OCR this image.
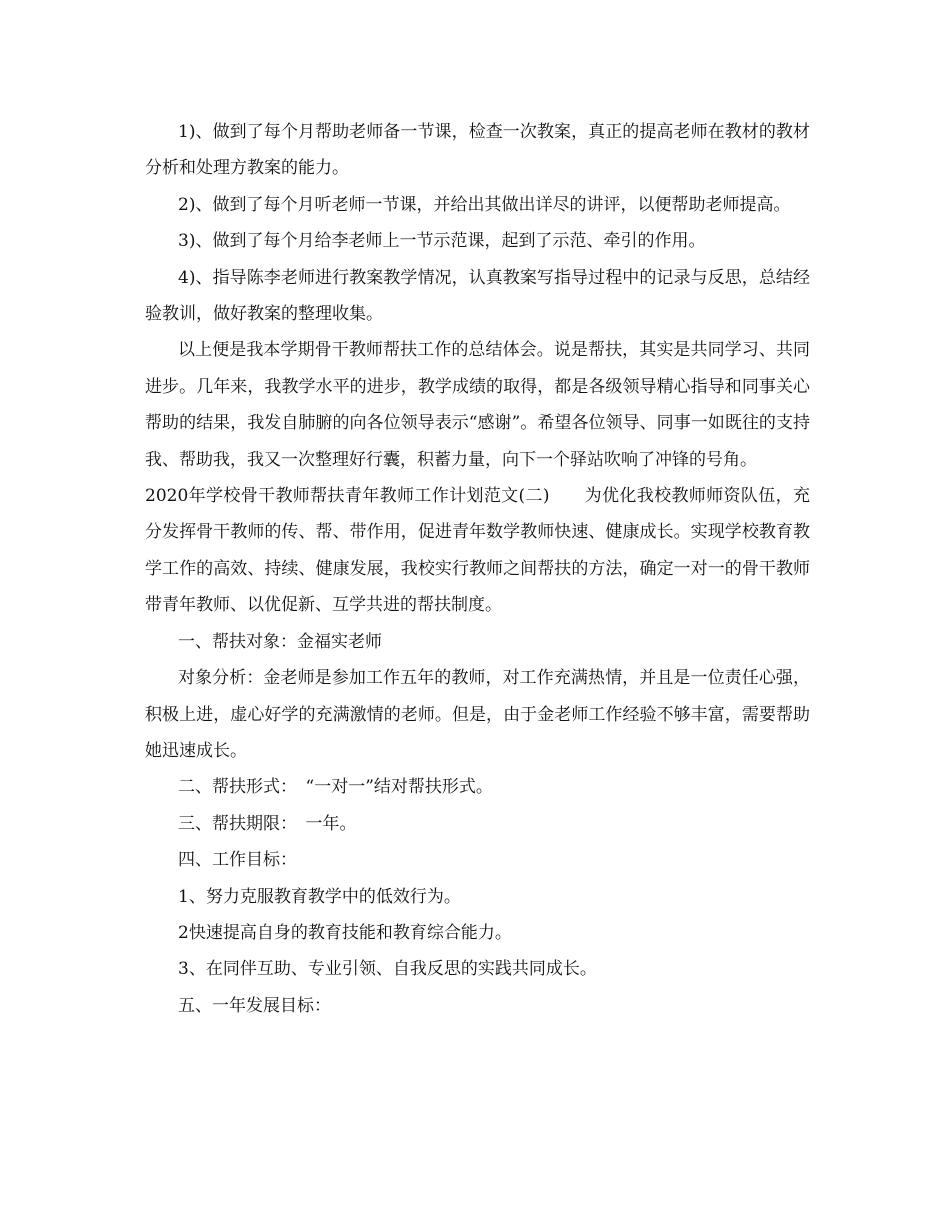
1)、做到了每个月帮助老师备一节课，检查一次教案，真正的提高老师在教材的教材分析和处理方教案的能力。

2)、做到了每个月听老师一节课，并给出其做出详尽的讲评，以便帮助老师提高。

3)、做到了每个月给李老师上一节示范课，起到了示范、牵引的作用。

4)、指导陈李老师进行教案教学情况，认真教案写指导过程中的记录与反思，总结经验教训，做好教案的整理收集。

以上便是我本学期骨干教师帮扶工作的总结体会。说是帮扶，其实是共同学习、共同进步。几年来，我教学水平的进步，教学成绩的取得，都是各级领导精心指导和同事关心帮助的结果，我发自肺腑的向各位领导表示“感谢”。希望各位领导、同事一如既往的支持我、帮助我，我又一次整理好行囊，积蓄力量，向下一个驿站吹响了冲锋的号角。

2020年学校骨干教师帮扶青年教师工作计划范文(二)　　为优化我校教师师资队伍，充分发挥骨干教师的传、帮、带作用，促进青年数学教师快速、健康成长。实现学校教育教学工作的高效、持续、健康发展，我校实行教师之间帮扶的方法，确定一对一的骨干教师带青年教师、以优促新、互学共进的帮扶制度。

一、帮扶对象：金福实老师

对象分析：金老师是参加工作五年的教师，对工作充满热情，并且是一位责任心强，积极上进，虚心好学的充满激情的老师。但是，由于金老师工作经验不够丰富，需要帮助她迅速成长。

二、帮扶形式：　“一对一”结对帮扶形式。

三、帮扶期限：　一年。

四、工作目标：

1、努力克服教育教学中的低效行为。

2快速提高自身的教育技能和教育综合能力。

3、在同伴互助、专业引领、自我反思的实践共同成长。

五、一年发展目标：
